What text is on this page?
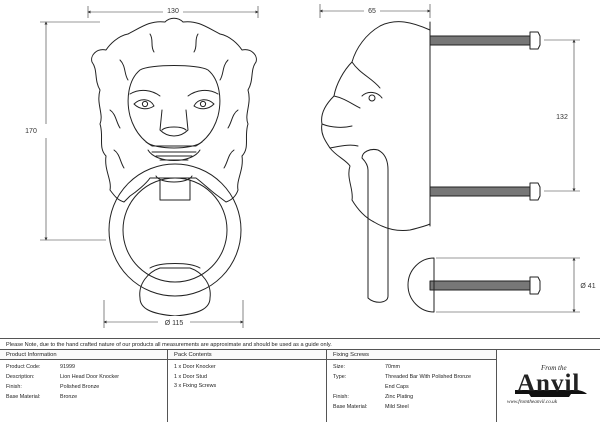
130
170
Ø 115
65
132
Ø 41
Please Note, due to the hand crafted nature of our products all measurements are approximate and should be used as a guide only.
Product Information
Product Code:	91999
Description:	Lion Head Door Knocker
Finish:	Polished Bronze
Base Material:	Bronze
Pack Contents
1 x Door Knocker
1 x Door Stud
3 x Fixing Screws
Fixing Screws
Size:	70mm
Type:	Threaded Bar With Polished Bronze
End Caps
Finish:	Zinc Plating
Base Material:	Mild Steel
From the
Anvil
www.fromtheanvil.co.uk
